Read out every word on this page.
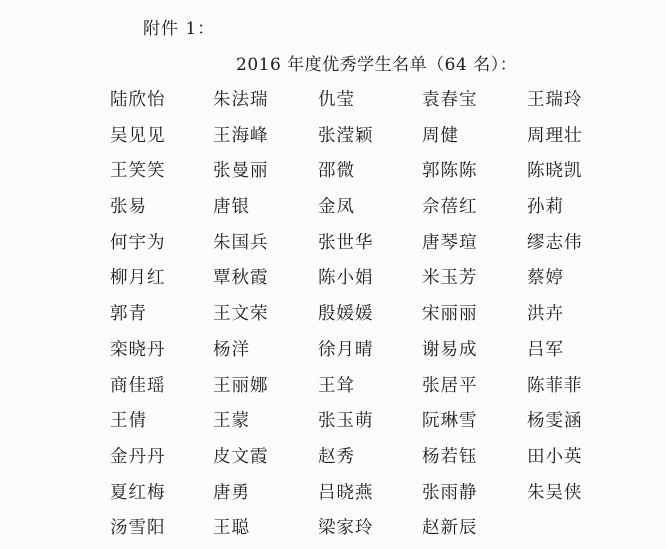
附件 1：
2016 年度优秀学生名单（64 名）：
陆欣怡	朱法瑞	仇莹	袁春宝	王瑞玲
吴见见	王海峰	张滢颖	周健	周理壮
王笑笑	张曼丽	邵微	郭陈陈	陈晓凯
张易	唐银	金凤	佘蓓红	孙莉
何宇为	朱国兵	张世华	唐琴瑄	缪志伟
柳月红	覃秋霞	陈小娟	米玉芳	蔡婷
郭青	王文荣	殷媛媛	宋丽丽	洪卉
栾晓丹	杨洋	徐月晴	谢易成	吕军
商佳瑶	王丽娜	王耸	张居平	陈菲菲
王倩	王蒙	张玉萌	阮琳雪	杨雯涵
金丹丹	皮文霞	赵秀	杨若钰	田小英
夏红梅	唐勇	吕晓燕	张雨静	朱吴侠
汤雪阳	王聪	梁家玲	赵新辰
